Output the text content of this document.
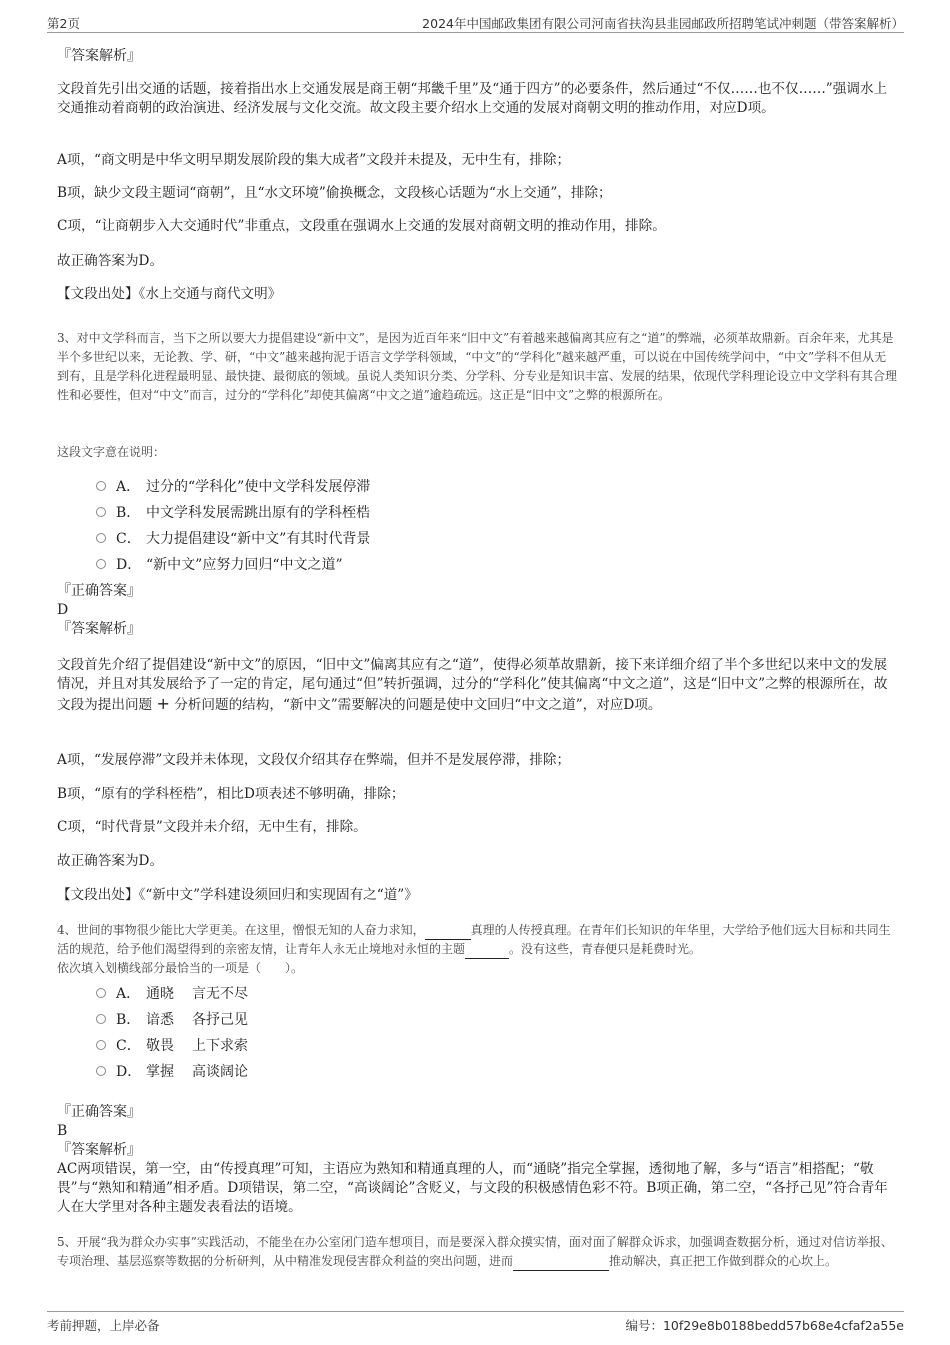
第2页	2024年中国邮政集团有限公司河南省扶沟县韭园邮政所招聘笔试冲刺题（带答案解析）

『答案解析』

文段首先引出交通的话题，接着指出水上交通发展是商王朝“邦畿千里”及“通于四方”的必要条件，然后通过“不仅……也不仅……”强调水上交通推动着商朝的政治演进、经济发展与文化交流。故文段主要介绍水上交通的发展对商朝文明的推动作用，对应D项。

A项，“商文明是中华文明早期发展阶段的集大成者”文段并未提及，无中生有，排除；

B项，缺少文段主题词“商朝”，且“水文环境”偷换概念，文段核心话题为“水上交通”，排除；

C项，“让商朝步入大交通时代”非重点，文段重在强调水上交通的发展对商朝文明的推动作用，排除。

故正确答案为D。

【文段出处】《水上交通与商代文明》

3、对中文学科而言，当下之所以要大力提倡建设“新中文”，是因为近百年来“旧中文”有着越来越偏离其应有之“道”的弊端，必须革故鼎新。百余年来，尤其是半个多世纪以来，无论教、学、研，“中文”越来越拘泥于语言文学学科领域，“中文”的“学科化”越来越严重，可以说在中国传统学问中，“中文”学科不但从无到有，且是学科化进程最明显、最快捷、最彻底的领域。虽说人类知识分类、分学科、分专业是知识丰富、发展的结果，依现代学科理论设立中文学科有其合理性和必要性，但对“中文”而言，过分的“学科化”却使其偏离“中文之道”逾趋疏远。这正是“旧中文”之弊的根源所在。

这段文字意在说明：

A． 过分的“学科化”使中文学科发展停滞
B． 中文学科发展需跳出原有的学科桎梏
C． 大力提倡建设“新中文”有其时代背景
D． “新中文”应努力回归“中文之道”

『正确答案』

D

『答案解析』

文段首先介绍了提倡建设“新中文”的原因，“旧中文”偏离其应有之“道”，使得必须革故鼎新，接下来详细介绍了半个多世纪以来中文的发展情况，并且对其发展给予了一定的肯定，尾句通过“但”转折强调，过分的“学科化”使其偏离“中文之道”，这是“旧中文”之弊的根源所在，故文段为提出问题 + 分析问题的结构，“新中文”需要解决的问题是使中文回归“中文之道”，对应D项。

A项，“发展停滞”文段并未体现，文段仅介绍其存在弊端，但并不是发展停滞，排除；

B项，“原有的学科桎梏”，相比D项表述不够明确，排除；

C项，“时代背景”文段并未介绍，无中生有，排除。

故正确答案为D。

【文段出处】《“新中文”学科建设须回归和实现固有之“道”》

4、世间的事物很少能比大学更美。在这里，憎恨无知的人奋力求知，	真理的人传授真理。在青年们长知识的年华里，大学给予他们远大目标和共同生活的规范，给予他们渴望得到的亲密友情，让青年人永无止境地对永恒的主题	。没有这些，青春便只是耗费时光。

依次填入划横线部分最恰当的一项是（　　）。

A． 通晓 言无不尽
B． 谙悉 各抒己见
C． 敬畏 上下求索
D． 掌握 高谈阔论

『正确答案』

B

『答案解析』

AC两项错误，第一空，由“传授真理”可知，主语应为熟知和精通真理的人，而“通晓”指完全掌握，透彻地了解，多与“语言”相搭配；“敬畏”与“熟知和精通”相矛盾。D项错误，第二空，“高谈阔论”含贬义，与文段的积极感情色彩不符。B项正确，第二空，“各抒己见”符合青年人在大学里对各种主题发表看法的语境。

5、开展“我为群众办实事”实践活动，不能坐在办公室闭门造车想项目，而是要深入群众摸实情，面对面了解群众诉求，加强调查数据分析，通过对信访举报、专项治理、基层巡察等数据的分析研判，从中精准发现侵害群众利益的突出问题，进而	推动解决，真正把工作做到群众的心坎上。

考前押题，上岸必备	编号：10f29e8b0188bedd57b68e4cfaf2a55e
